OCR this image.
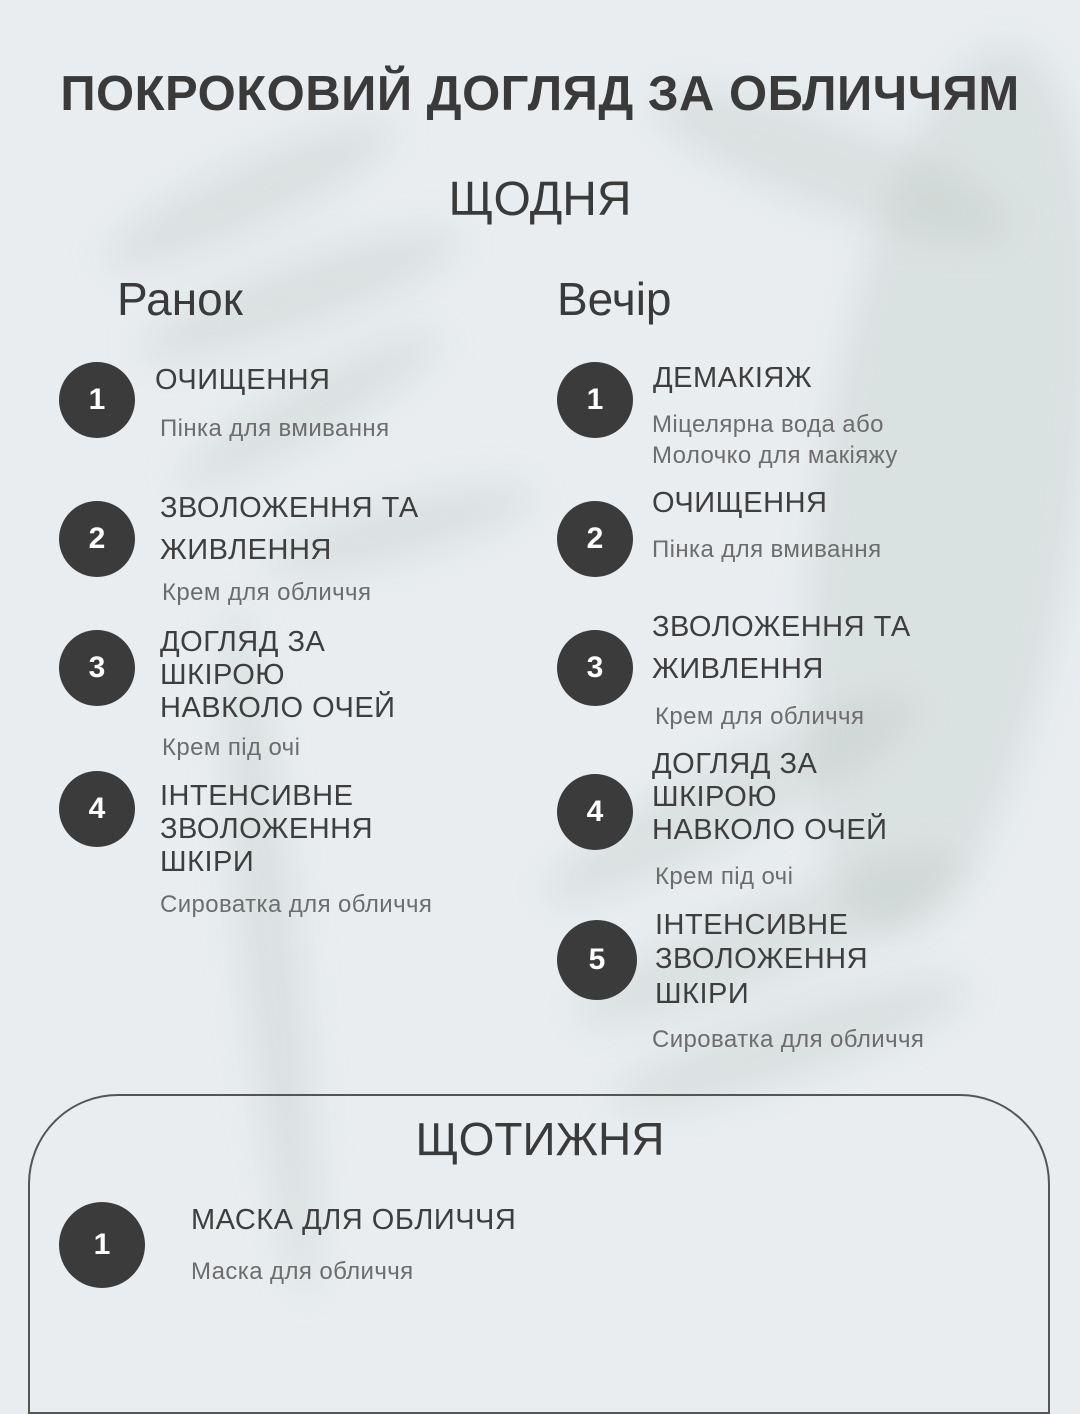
ПОКРОКОВИЙ ДОГЛЯД ЗА ОБЛИЧЧЯМ
ЩОДНЯ
Ранок	Вечір
1
ОЧИЩЕННЯ
Пінка для вмивання
2
ЗВОЛОЖЕННЯ ТА
ЖИВЛЕННЯ
Крем для обличчя
3
ДОГЛЯД ЗА
ШКІРОЮ
НАВКОЛО ОЧЕЙ
Крем під очі
4	ІНТЕНСИВНЕ
ЗВОЛОЖЕННЯ
ШКІРИ
Сироватка для обличчя
1
ДЕМАКІЯЖ
Міцелярна вода або
Молочко для макіяжу
2
ОЧИЩЕННЯ
Пінка для вмивання
3
ЗВОЛОЖЕННЯ ТА
ЖИВЛЕННЯ
Крем для обличчя
4
ДОГЛЯД ЗА
ШКІРОЮ
НАВКОЛО ОЧЕЙ
Крем під очі
5
ІНТЕНСИВНЕ
ЗВОЛОЖЕННЯ
ШКІРИ
Сироватка для обличчя
ЩОТИЖНЯ
1
МАСКА ДЛЯ ОБЛИЧЧЯ
Маска для обличчя
